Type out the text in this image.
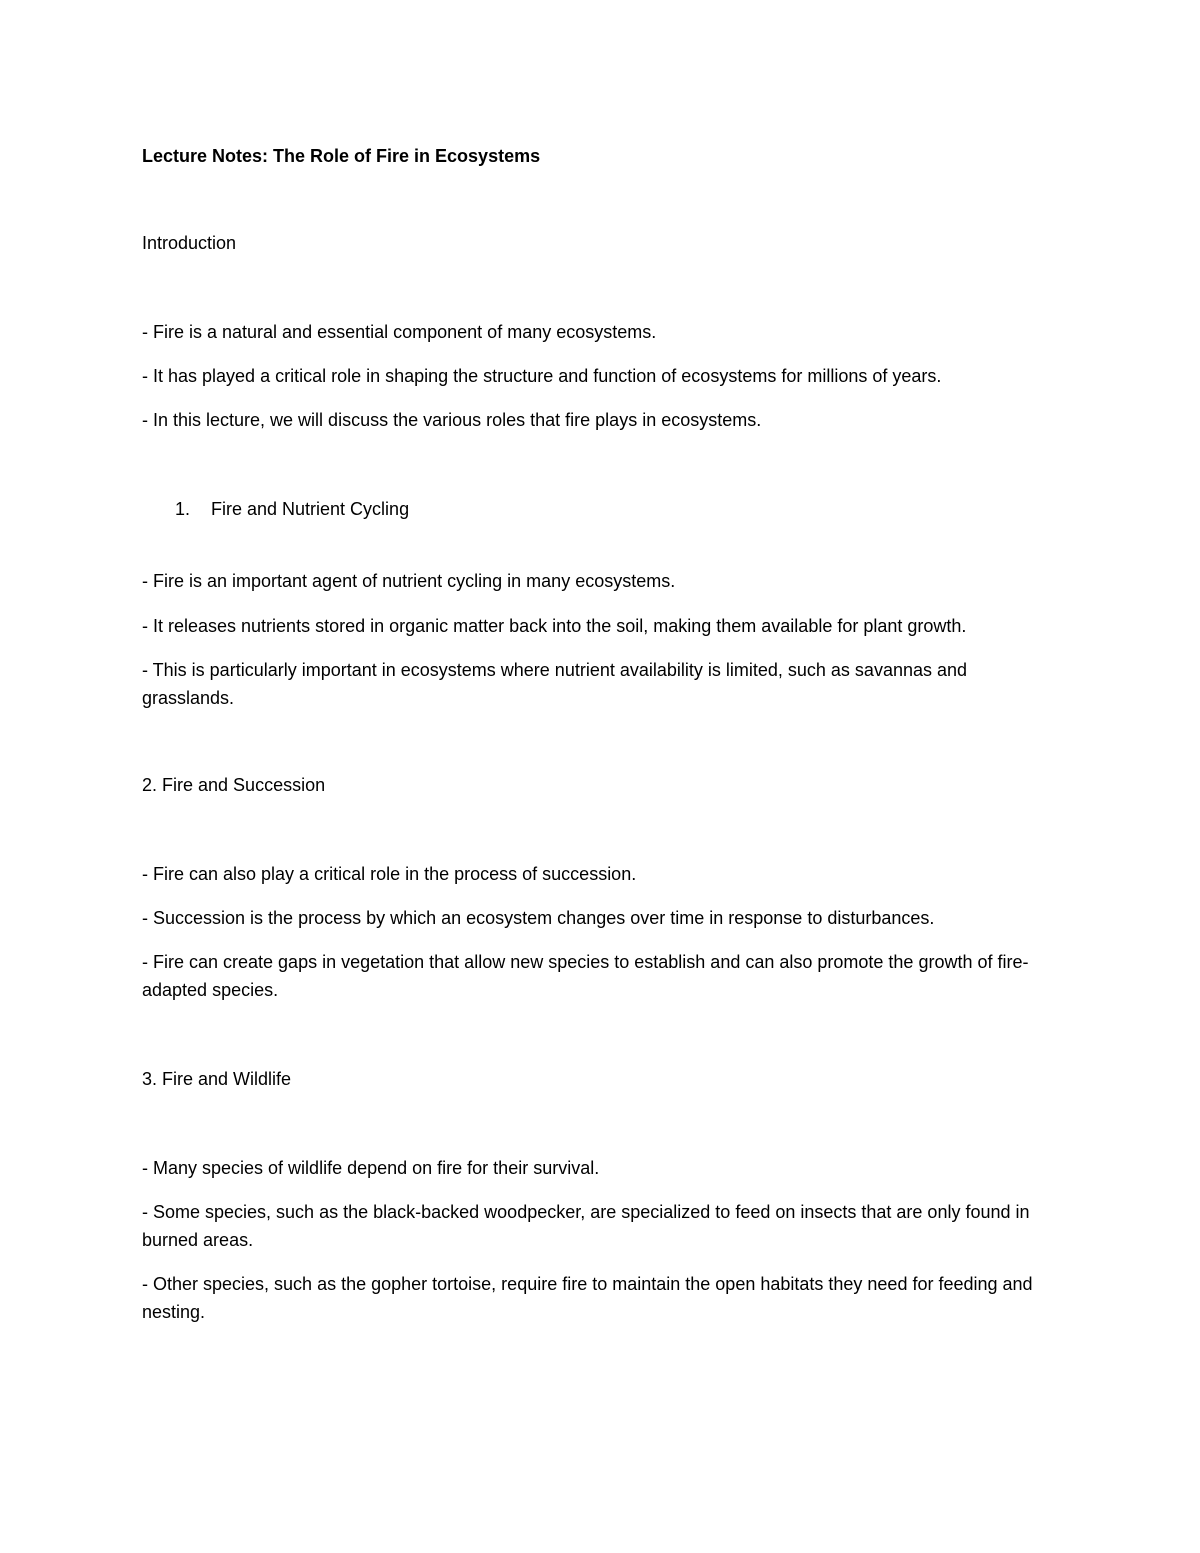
Lecture Notes: The Role of Fire in Ecosystems
Introduction
- Fire is a natural and essential component of many ecosystems.
- It has played a critical role in shaping the structure and function of ecosystems for millions of years.
- In this lecture, we will discuss the various roles that fire plays in ecosystems.
1. Fire and Nutrient Cycling
- Fire is an important agent of nutrient cycling in many ecosystems.
- It releases nutrients stored in organic matter back into the soil, making them available for plant growth.
- This is particularly important in ecosystems where nutrient availability is limited, such as savannas and grasslands.
2. Fire and Succession
- Fire can also play a critical role in the process of succession.
- Succession is the process by which an ecosystem changes over time in response to disturbances.
- Fire can create gaps in vegetation that allow new species to establish and can also promote the growth of fire-adapted species.
3. Fire and Wildlife
- Many species of wildlife depend on fire for their survival.
- Some species, such as the black-backed woodpecker, are specialized to feed on insects that are only found in burned areas.
- Other species, such as the gopher tortoise, require fire to maintain the open habitats they need for feeding and nesting.
